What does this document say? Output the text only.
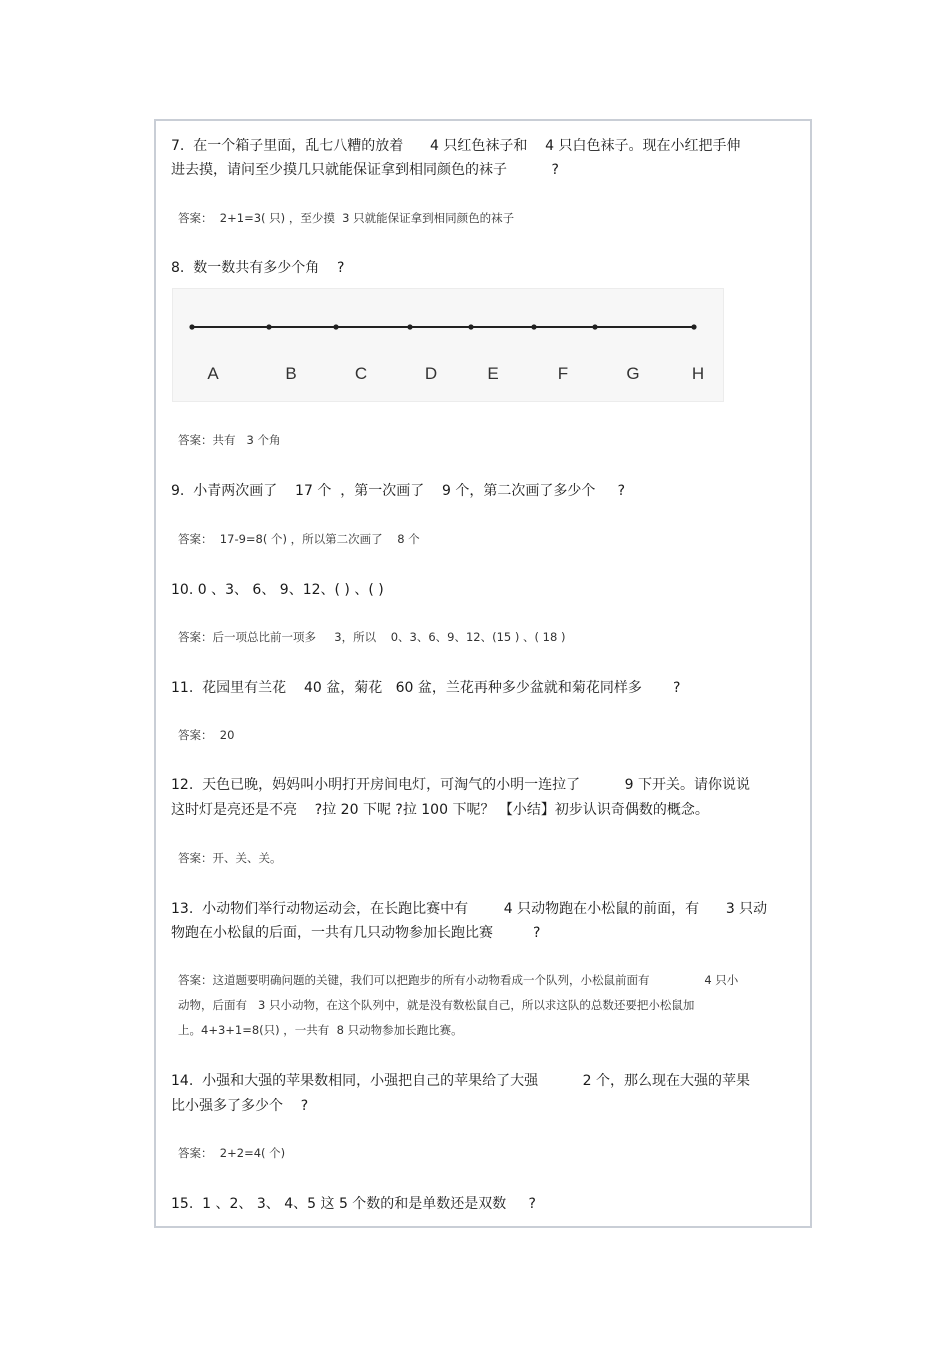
7.  在一个箱子里面，乱七八糟的放着      4 只红色袜子和    4 只白色袜子。现在小红把手伸

进去摸，请问至少摸几只就能保证拿到相同颜色的袜子          ?

答案：  2+1=3( 只) ，至少摸  3 只就能保证拿到相同颜色的袜子

8.  数一数共有多少个角    ?

A	B	C	D	E	F	G	H

答案：共有   3 个角

9.  小青两次画了    17 个  ，第一次画了    9 个，第二次画了多少个     ?

答案：  17-9=8( 个) ，所以第二次画了    8 个

10. 0 、3、 6、 9、12、( ) 、( )

答案：后一项总比前一项多     3，所以    0、3、6、9、12、(15 ) 、( 18 )

11.  花园里有兰花    40 盆，菊花   60 盆，兰花再种多少盆就和菊花同样多       ?

答案：  20

12.  天色已晚，妈妈叫小明打开房间电灯，可淘气的小明一连拉了          9 下开关。请你说说

这时灯是亮还是不亮    ?拉 20 下呢 ?拉 100 下呢？ 【小结】初步认识奇偶数的概念。

答案：开、关、关。

13.  小动物们举行动物运动会，在长跑比赛中有        4 只动物跑在小松鼠的前面，有      3 只动

物跑在小松鼠的后面，一共有几只动物参加长跑比赛         ?

答案：这道题要明确问题的关键，我们可以把跑步的所有小动物看成一个队列，小松鼠前面有               4 只小

动物，后面有   3 只小动物，在这个队列中，就是没有数松鼠自己，所以求这队的总数还要把小松鼠加

上。4+3+1=8(只) ，一共有  8 只动物参加长跑比赛。

14.  小强和大强的苹果数相同，小强把自己的苹果给了大强          2 个，那么现在大强的苹果

比小强多了多少个    ?

答案：  2+2=4( 个)

15.  1 、2、 3、 4、5 这 5 个数的和是单数还是双数     ?
